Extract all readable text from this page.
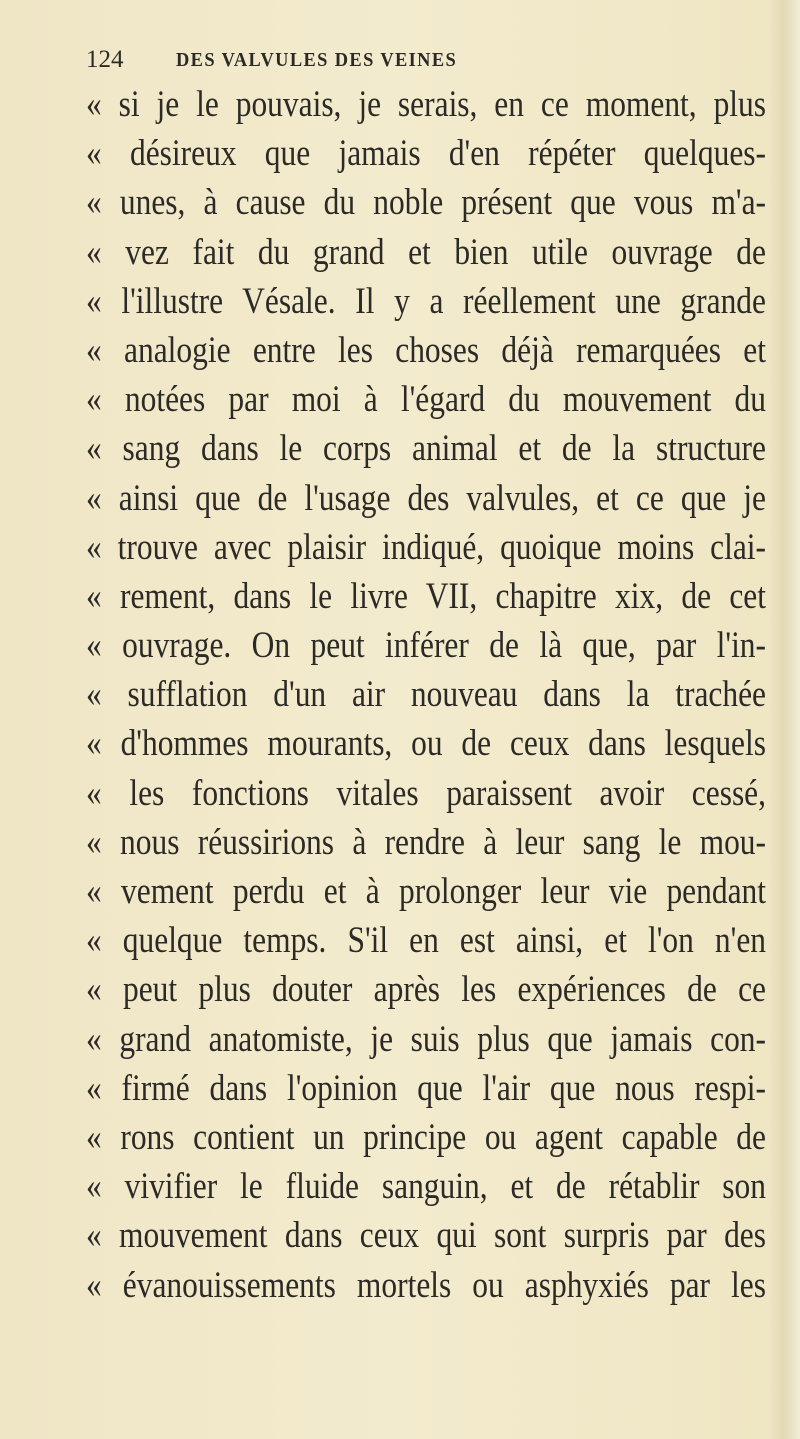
124	DES VALVULES DES VEINES
« si je le pouvais, je serais, en ce moment, plus
« désireux que jamais d'en répéter quelques-
« unes, à cause du noble présent que vous m'a-
« vez fait du grand et bien utile ouvrage de
« l'illustre Vésale. Il y a réellement une grande
« analogie entre les choses déjà remarquées et
« notées par moi à l'égard du mouvement du
« sang dans le corps animal et de la structure
« ainsi que de l'usage des valvules, et ce que je
« trouve avec plaisir indiqué, quoique moins clai-
« rement, dans le livre VII, chapitre xix, de cet
« ouvrage. On peut inférer de là que, par l'in-
« sufflation d'un air nouveau dans la trachée
« d'hommes mourants, ou de ceux dans lesquels
« les fonctions vitales paraissent avoir cessé,
« nous réussirions à rendre à leur sang le mou-
« vement perdu et à prolonger leur vie pendant
« quelque temps. S'il en est ainsi, et l'on n'en
« peut plus douter après les expériences de ce
« grand anatomiste, je suis plus que jamais con-
« firmé dans l'opinion que l'air que nous respi-
« rons contient un principe ou agent capable de
« vivifier le fluide sanguin, et de rétablir son
« mouvement dans ceux qui sont surpris par des
« évanouissements mortels ou asphyxiés par les
